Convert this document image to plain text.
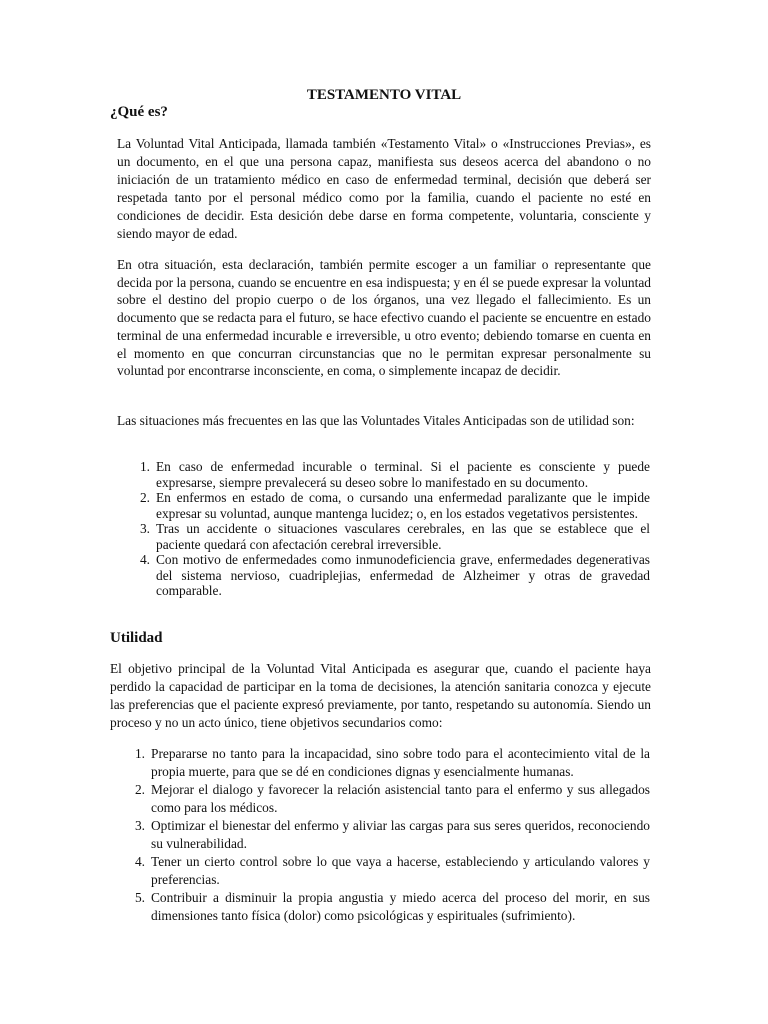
TESTAMENTO VITAL
¿Qué es?

La Voluntad Vital Anticipada, llamada también «Testamento Vital» o «Instrucciones Previas», es un documento, en el que una persona capaz, manifiesta sus deseos acerca del abandono o no iniciación de un tratamiento médico en caso de enfermedad terminal, decisión que deberá ser respetada tanto por el personal médico como por la familia, cuando el paciente no esté en condiciones de decidir. Esta desición debe darse en forma competente, voluntaria, consciente y siendo mayor de edad.

En otra situación, esta declaración, también permite escoger a un familiar o representante que decida por la persona, cuando se encuentre en esa indispuesta; y en él se puede expresar la voluntad sobre el destino del propio cuerpo o de los órganos, una vez llegado el fallecimiento. Es un documento que se redacta para el futuro, se hace efectivo cuando el paciente se encuentre en estado terminal de una enfermedad incurable e irreversible, u otro evento; debiendo tomarse en cuenta en el momento en que concurran circunstancias que no le permitan expresar personalmente su voluntad por encontrarse inconsciente, en coma, o simplemente incapaz de decidir.

Las situaciones más frecuentes en las que las Voluntades Vitales Anticipadas son de utilidad son:

1. En caso de enfermedad incurable o terminal. Si el paciente es consciente y puede expresarse, siempre prevalecerá su deseo sobre lo manifestado en su documento.
2. En enfermos en estado de coma, o cursando una enfermedad paralizante que le impide expresar su voluntad, aunque mantenga lucidez; o, en los estados vegetativos persistentes.
3. Tras un accidente o situaciones vasculares cerebrales, en las que se establece que el paciente quedará con afectación cerebral irreversible.
4. Con motivo de enfermedades como inmunodeficiencia grave, enfermedades degenerativas del sistema nervioso, cuadriplejias, enfermedad de Alzheimer y otras de gravedad comparable.
Utilidad

El objetivo principal de la Voluntad Vital Anticipada es asegurar que, cuando el paciente haya perdido la capacidad de participar en la toma de decisiones, la atención sanitaria conozca y ejecute las preferencias que el paciente expresó previamente, por tanto, respetando su autonomía. Siendo un proceso y no un acto único, tiene objetivos secundarios como:

1. Prepararse no tanto para la incapacidad, sino sobre todo para el acontecimiento vital de la propia muerte, para que se dé en condiciones dignas y esencialmente humanas.
2. Mejorar el dialogo y favorecer la relación asistencial tanto para el enfermo y sus allegados como para los médicos.
3. Optimizar el bienestar del enfermo y aliviar las cargas para sus seres queridos, reconociendo su vulnerabilidad.
4. Tener un cierto control sobre lo que vaya a hacerse, estableciendo y articulando valores y preferencias.
5. Contribuir a disminuir la propia angustia y miedo acerca del proceso del morir, en sus dimensiones tanto física (dolor) como psicológicas y espirituales (sufrimiento).
